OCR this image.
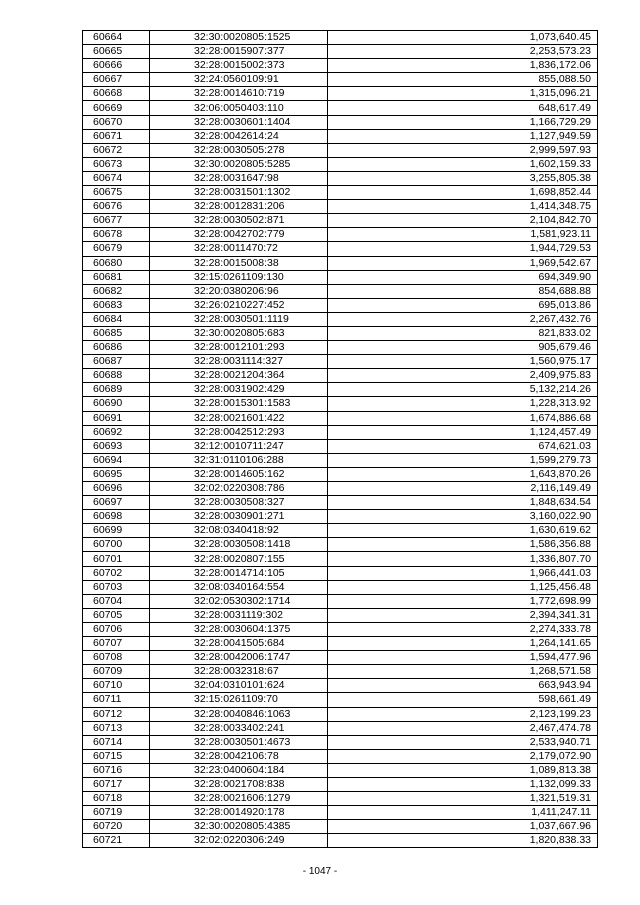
60664	32:30:0020805:1525	1,073,640.45
60665	32:28:0015907:377	2,253,573.23
60666	32:28:0015002:373	1,836,172.06
60667	32:24:0560109:91	855,088.50
60668	32:28:0014610:719	1,315,096.21
60669	32:06:0050403:110	648,617.49
60670	32:28:0030601:1404	1,166,729.29
60671	32:28:0042614:24	1,127,949.59
60672	32:28:0030505:278	2,999,597.93
60673	32:30:0020805:5285	1,602,159.33
60674	32:28:0031647:98	3,255,805.38
60675	32:28:0031501:1302	1,698,852.44
60676	32:28:0012831:206	1,414,348.75
60677	32:28:0030502:871	2,104,842.70
60678	32:28:0042702:779	1,581,923.11
60679	32:28:0011470:72	1,944,729.53
60680	32:28:0015008:38	1,969,542.67
60681	32:15:0261109:130	694,349.90
60682	32:20:0380206:96	854,688.88
60683	32:26:0210227:452	695,013.86
60684	32:28:0030501:1119	2,267,432.76
60685	32:30:0020805:683	821,833.02
60686	32:28:0012101:293	905,679.46
60687	32:28:0031114:327	1,560,975.17
60688	32:28:0021204:364	2,409,975.83
60689	32:28:0031902:429	5,132,214.26
60690	32:28:0015301:1583	1,228,313.92
60691	32:28:0021601:422	1,674,886.68
60692	32:28:0042512:293	1,124,457.49
60693	32:12:0010711:247	674,621.03
60694	32:31:0110106:288	1,599,279.73
60695	32:28:0014605:162	1,643,870.26
60696	32:02:0220308:786	2,116,149.49
60697	32:28:0030508:327	1,848,634.54
60698	32:28:0030901:271	3,160,022.90
60699	32:08:0340418:92	1,630,619.62
60700	32:28:0030508:1418	1,586,356.88
60701	32:28:0020807:155	1,336,807.70
60702	32:28:0014714:105	1,966,441.03
60703	32:08:0340164:554	1,125,456.48
60704	32:02:0530302:1714	1,772,698.99
60705	32:28:0031119:302	2,394,341.31
60706	32:28:0030604:1375	2,274,333.78
60707	32:28:0041505:684	1,264,141.65
60708	32:28:0042006:1747	1,594,477.96
60709	32:28:0032318:67	1,268,571.58
60710	32:04:0310101:624	663,943.94
60711	32:15:0261109:70	598,661.49
60712	32:28:0040846:1063	2,123,199.23
60713	32:28:0033402:241	2,467,474.78
60714	32:28:0030501:4673	2,533,940.71
60715	32:28:0042106:78	2,179,072.90
60716	32:23:0400604:184	1,089,813.38
60717	32:28:0021708:838	1,132,099.33
60718	32:28:0021606:1279	1,321,519.31
60719	32:28:0014920:178	1,411,247.11
60720	32:30:0020805:4385	1,037,667.96
60721	32:02:0220306:249	1,820,838.33
- 1047 -
